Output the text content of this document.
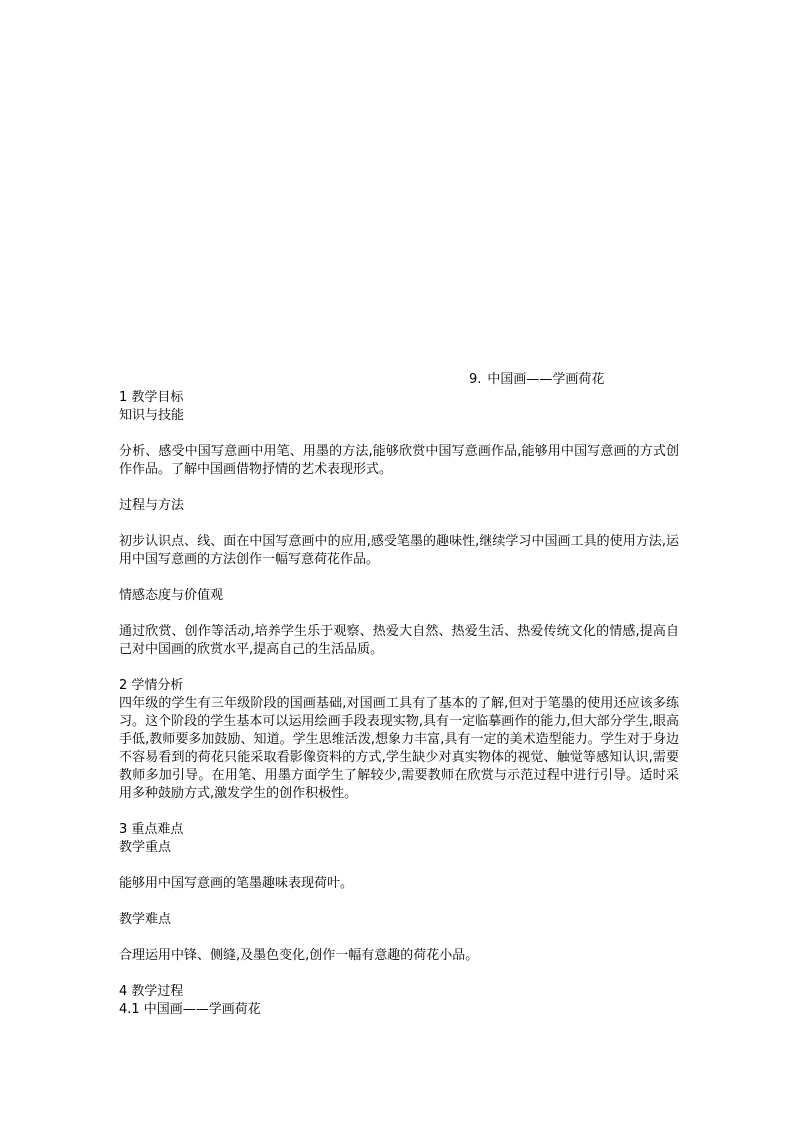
9. 中国画——学画荷花

1 教学目标

知识与技能

分析、感受中国写意画中用笔、用墨的方法,能够欣赏中国写意画作品,能够用中国写意画的方式创作作品。了解中国画借物抒情的艺术表现形式。

过程与方法

初步认识点、线、面在中国写意画中的应用,感受笔墨的趣味性,继续学习中国画工具的使用方法,运用中国写意画的方法创作一幅写意荷花作品。

情感态度与价值观

通过欣赏、创作等活动,培养学生乐于观察、热爱大自然、热爱生活、热爱传统文化的情感,提高自己对中国画的欣赏水平,提高自己的生活品质。

2 学情分析

四年级的学生有三年级阶段的国画基础,对国画工具有了基本的了解,但对于笔墨的使用还应该多练习。这个阶段的学生基本可以运用绘画手段表现实物,具有一定临摹画作的能力,但大部分学生,眼高手低,教师要多加鼓励、知道。学生思维活泼,想象力丰富,具有一定的美术造型能力。学生对于身边不容易看到的荷花只能采取看影像资料的方式,学生缺少对真实物体的视觉、触觉等感知认识,需要教师多加引导。在用笔、用墨方面学生了解较少,需要教师在欣赏与示范过程中进行引导。适时采用多种鼓励方式,激发学生的创作积极性。

3 重点难点

教学重点

能够用中国写意画的笔墨趣味表现荷叶。

教学难点

合理运用中锋、侧缝,及墨色变化,创作一幅有意趣的荷花小品。

4 教学过程

4.1 中国画——学画荷花
